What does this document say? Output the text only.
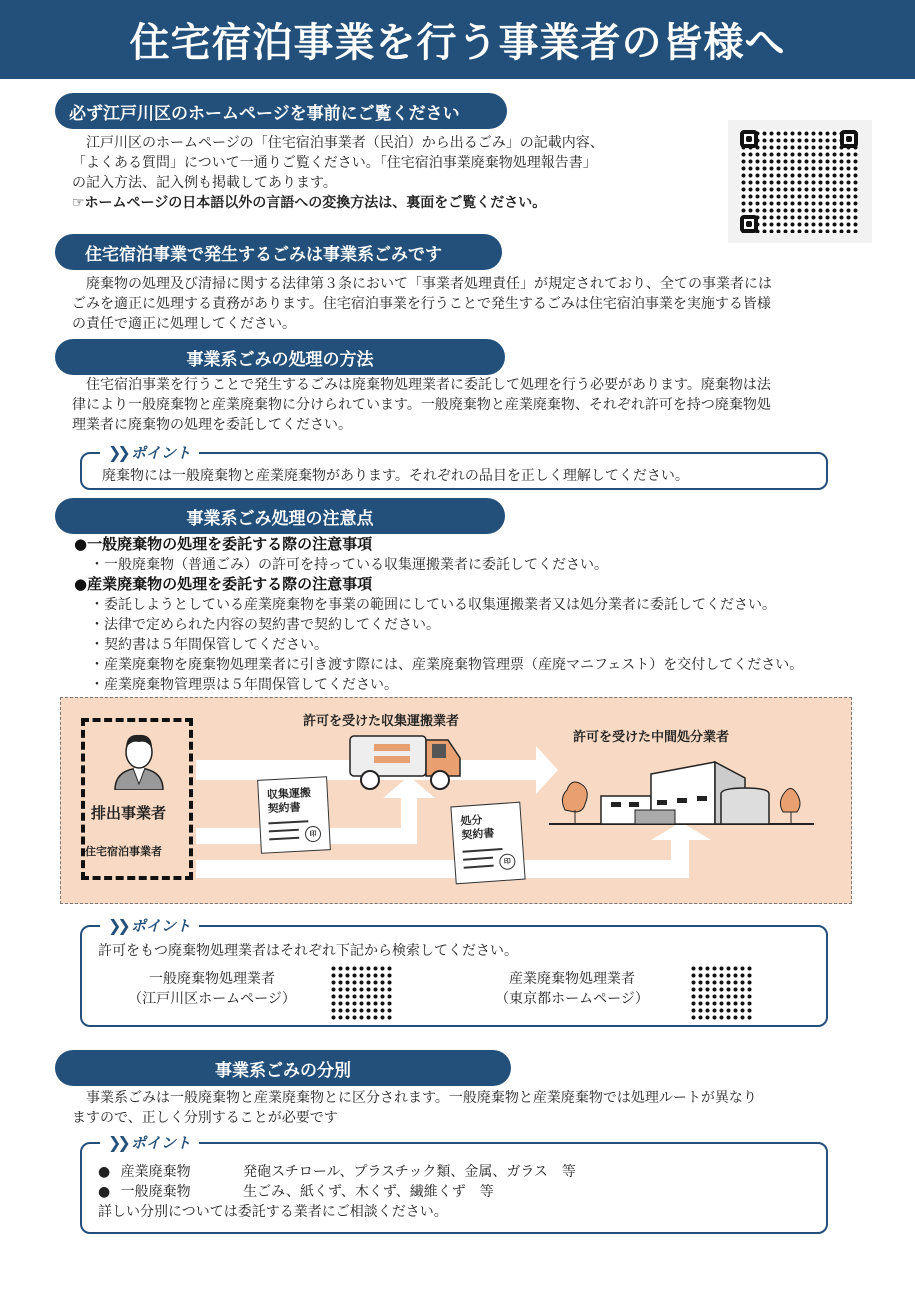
住宅宿泊事業を行う事業者の皆様へ
必ず江戸川区のホームページを事前にご覧ください
江戸川区のホームページの「住宅宿泊事業者（民泊）から出るごみ」の記載内容、
「よくある質問」について一通りご覧ください。「住宅宿泊事業廃棄物処理報告書」
の記入方法、記入例も掲載してあります。
☞ホームページの日本語以外の言語への変換方法は、裏面をご覧ください。
住宅宿泊事業で発生するごみは事業系ごみです
廃棄物の処理及び清掃に関する法律第３条において「事業者処理責任」が規定されており、全ての事業者には
ごみを適正に処理する責務があります。住宅宿泊事業を行うことで発生するごみは住宅宿泊事業を実施する皆様
の責任で適正に処理してください。
事業系ごみの処理の方法
住宅宿泊事業を行うことで発生するごみは廃棄物処理業者に委託して処理を行う必要があります。廃棄物は法
律により一般廃棄物と産業廃棄物に分けられています。一般廃棄物と産業廃棄物、それぞれ許可を持つ廃棄物処
理業者に廃棄物の処理を委託してください。
❯❯ ポイント
廃棄物には一般廃棄物と産業廃棄物があります。それぞれの品目を正しく理解してください。
事業系ごみ処理の注意点
●一般廃棄物の処理を委託する際の注意事項
・一般廃棄物（普通ごみ）の許可を持っている収集運搬業者に委託してください。
●産業廃棄物の処理を委託する際の注意事項
・委託しようとしている産業廃棄物を事業の範囲にしている収集運搬業者又は処分業者に委託してください。
・法律で定められた内容の契約書で契約してください。
・契約書は５年間保管してください。
・産業廃棄物を廃棄物処理業者に引き渡す際には、産業廃棄物管理票（産廃マニフェスト）を交付してください。
・産業廃棄物管理票は５年間保管してください。
排出事業者
住宅宿泊事業者
許可を受けた収集運搬業者
収集運搬
契約書
印
処分
契約書
印
許可を受けた中間処分業者
❯❯ ポイント
許可をもつ廃棄物処理業者はそれぞれ下記から検索してください。
一般廃棄物処理業者
（江戸川区ホームページ）
産業廃棄物処理業者
（東京都ホームページ）
事業系ごみの分別
事業系ごみは一般廃棄物と産業廃棄物とに区分されます。一般廃棄物と産業廃棄物では処理ルートが異なり
ますので、正しく分別することが必要です
❯❯ ポイント
● 産業廃棄物	発砲スチロール、プラスチック類、金属、ガラス　等
● 一般廃棄物	生ごみ、紙くず、木くず、繊維くず　等
詳しい分別については委託する業者にご相談ください。
